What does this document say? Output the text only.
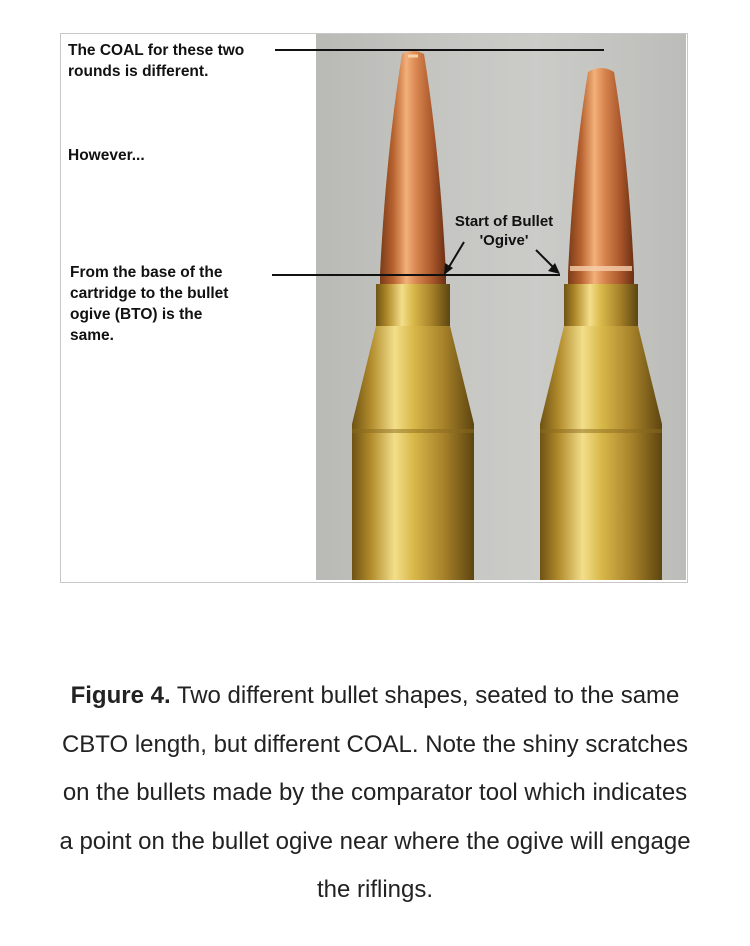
The COAL for these two
rounds is different.
However...
Start of Bullet
'Ogive'
From the base of the
cartridge to the bullet
ogive (BTO) is the
same.
Figure 4. Two different bullet shapes, seated to the same CBTO length, but different COAL. Note the shiny scratches on the bullets made by the comparator tool which indicates a point on the bullet ogive near where the ogive will engage the riflings.
